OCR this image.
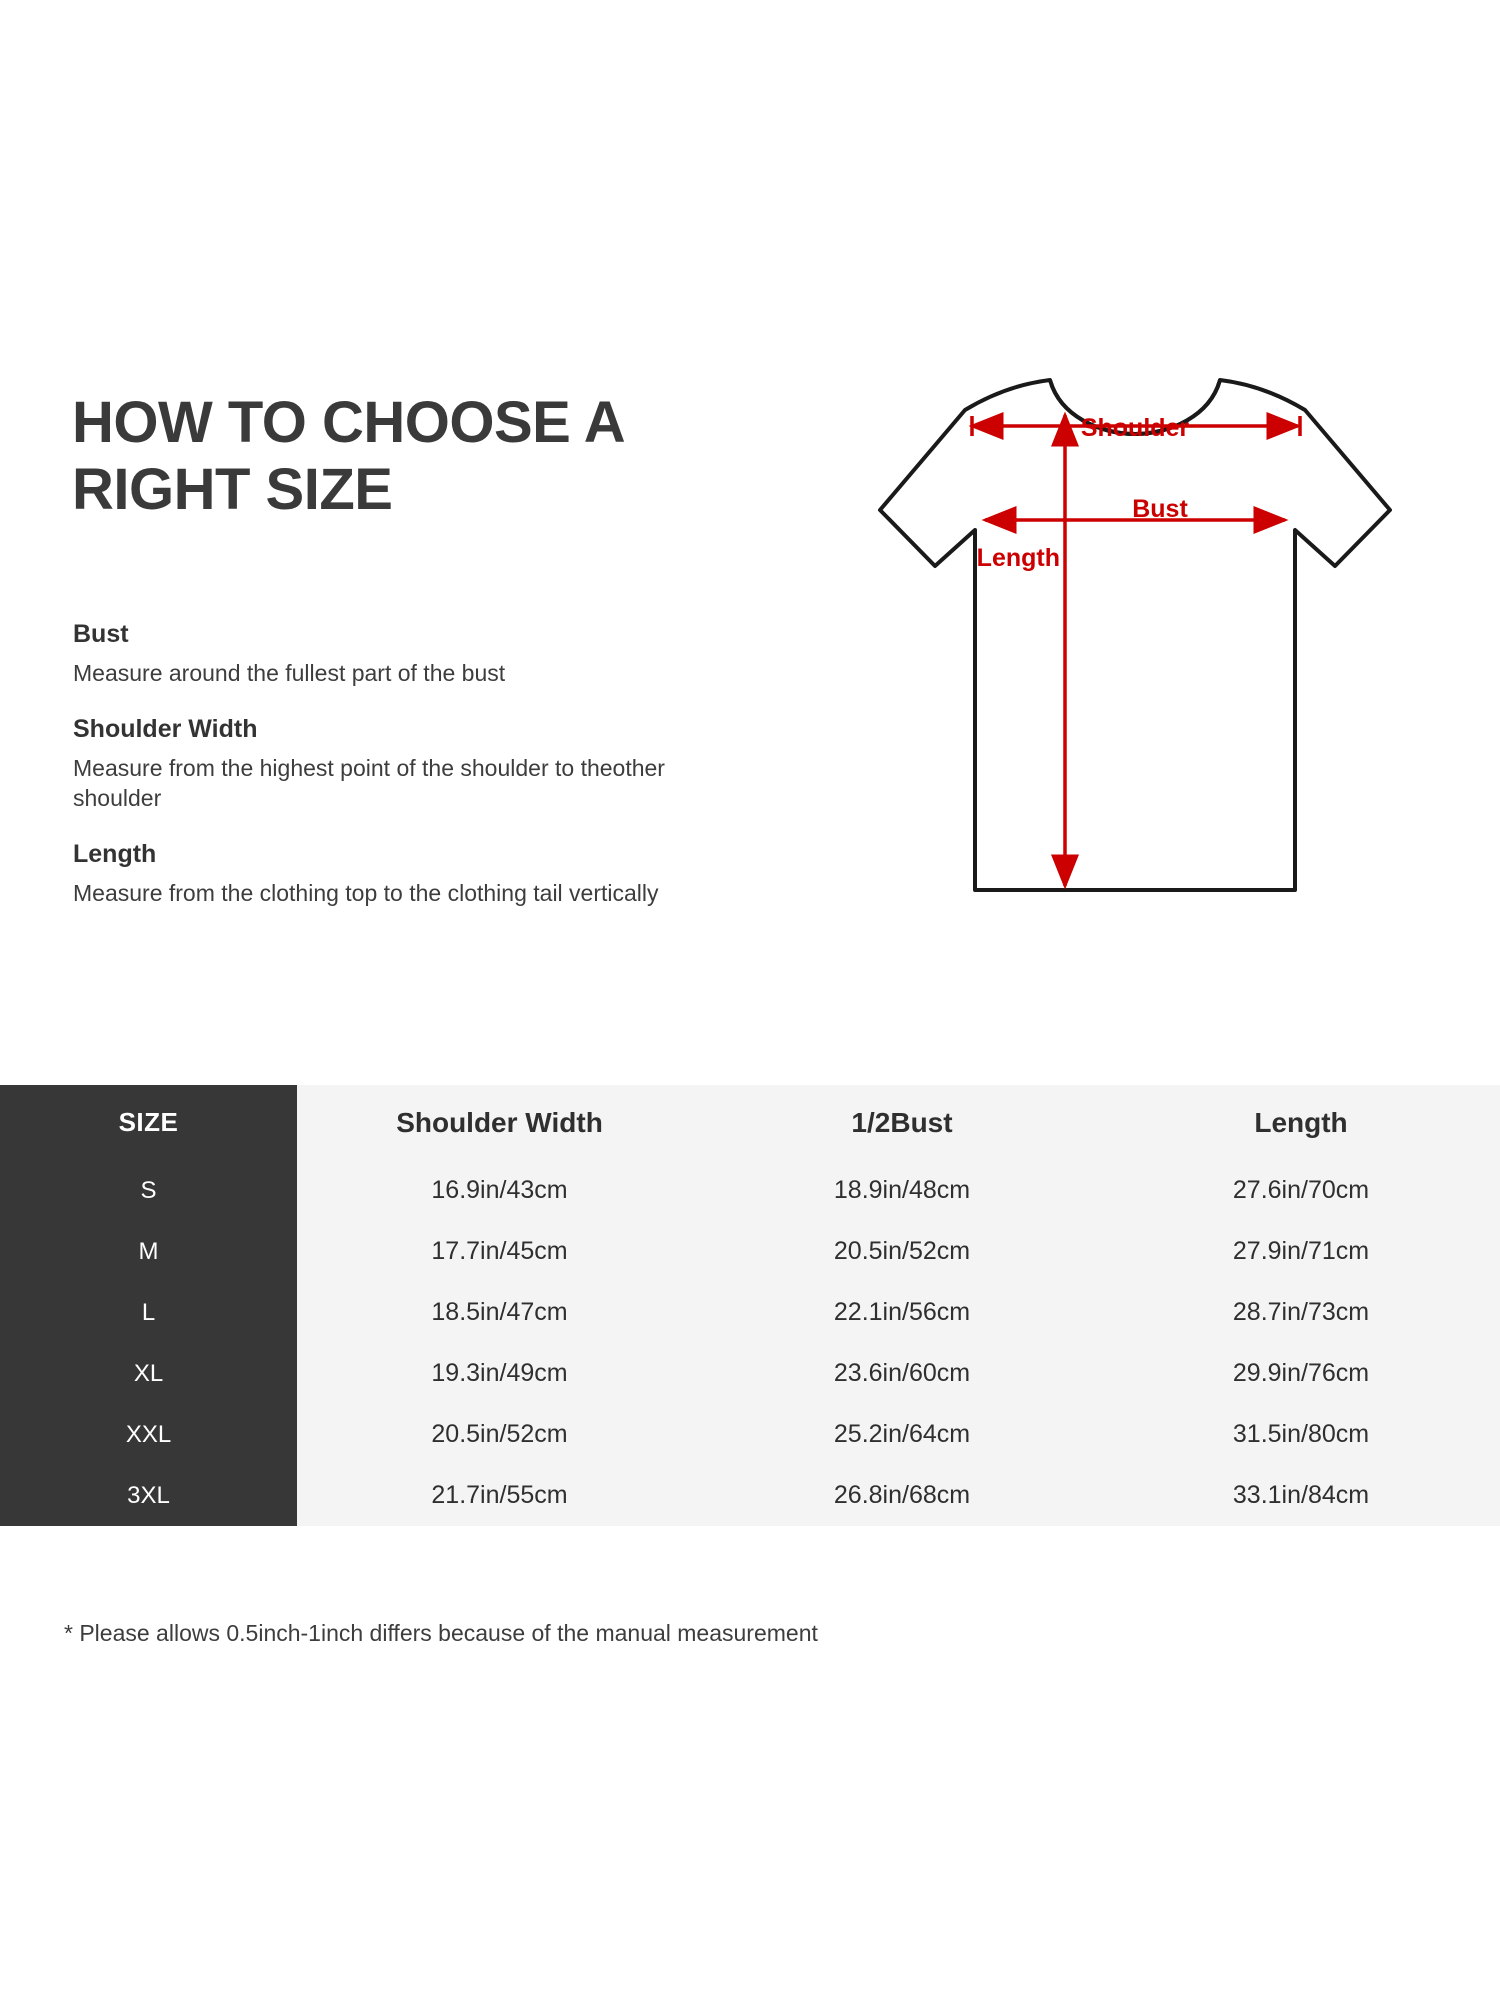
HOW TO CHOOSE A RIGHT SIZE
Bust
Measure around the fullest part of the bust
Shoulder Width
Measure from the highest point of the shoulder to theother shoulder
Length
Measure from the clothing top to the clothing tail vertically
Shoulder
Bust
Length
SIZE	Shoulder Width	1/2Bust	Length
S	16.9in/43cm	18.9in/48cm	27.6in/70cm
M	17.7in/45cm	20.5in/52cm	27.9in/71cm
L	18.5in/47cm	22.1in/56cm	28.7in/73cm
XL	19.3in/49cm	23.6in/60cm	29.9in/76cm
XXL	20.5in/52cm	25.2in/64cm	31.5in/80cm
3XL	21.7in/55cm	26.8in/68cm	33.1in/84cm
* Please allows 0.5inch-1inch differs because of the manual measurement
